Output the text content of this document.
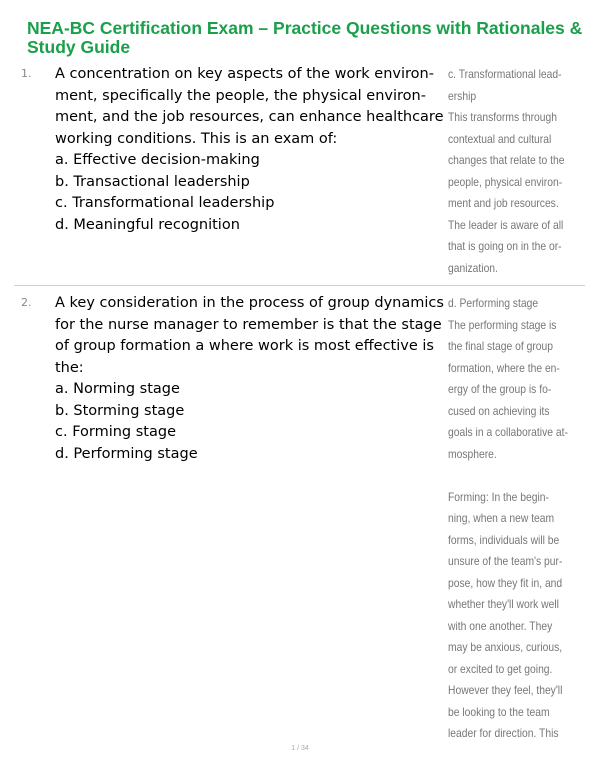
NEA-BC Certification Exam – Practice Questions with Rationales &
Study Guide
1. A concentration on key aspects of the work environ-
ment, specifically the people, the physical environ-
ment, and the job resources, can enhance healthcare
working conditions. This is an exam of:
a. Effective decision-making
b. Transactional leadership
c. Transformational leadership
d. Meaningful recognition
c. Transformational lead-
ership
This transforms through
contextual and cultural
changes that relate to the
people, physical environ-
ment and job resources.
The leader is aware of all
that is going on in the or-
ganization.
2. A key consideration in the process of group dynamics
for the nurse manager to remember is that the stage
of group formation a where work is most effective is
the:
a. Norming stage
b. Storming stage
c. Forming stage
d. Performing stage
d. Performing stage
The performing stage is
the final stage of group
formation, where the en-
ergy of the group is fo-
cused on achieving its
goals in a collaborative at-
mosphere.
Forming: In the begin-
ning, when a new team
forms, individuals will be
unsure of the team's pur-
pose, how they fit in, and
whether they'll work well
with one another. They
may be anxious, curious,
or excited to get going.
However they feel, they'll
be looking to the team
leader for direction. This
1 / 34
